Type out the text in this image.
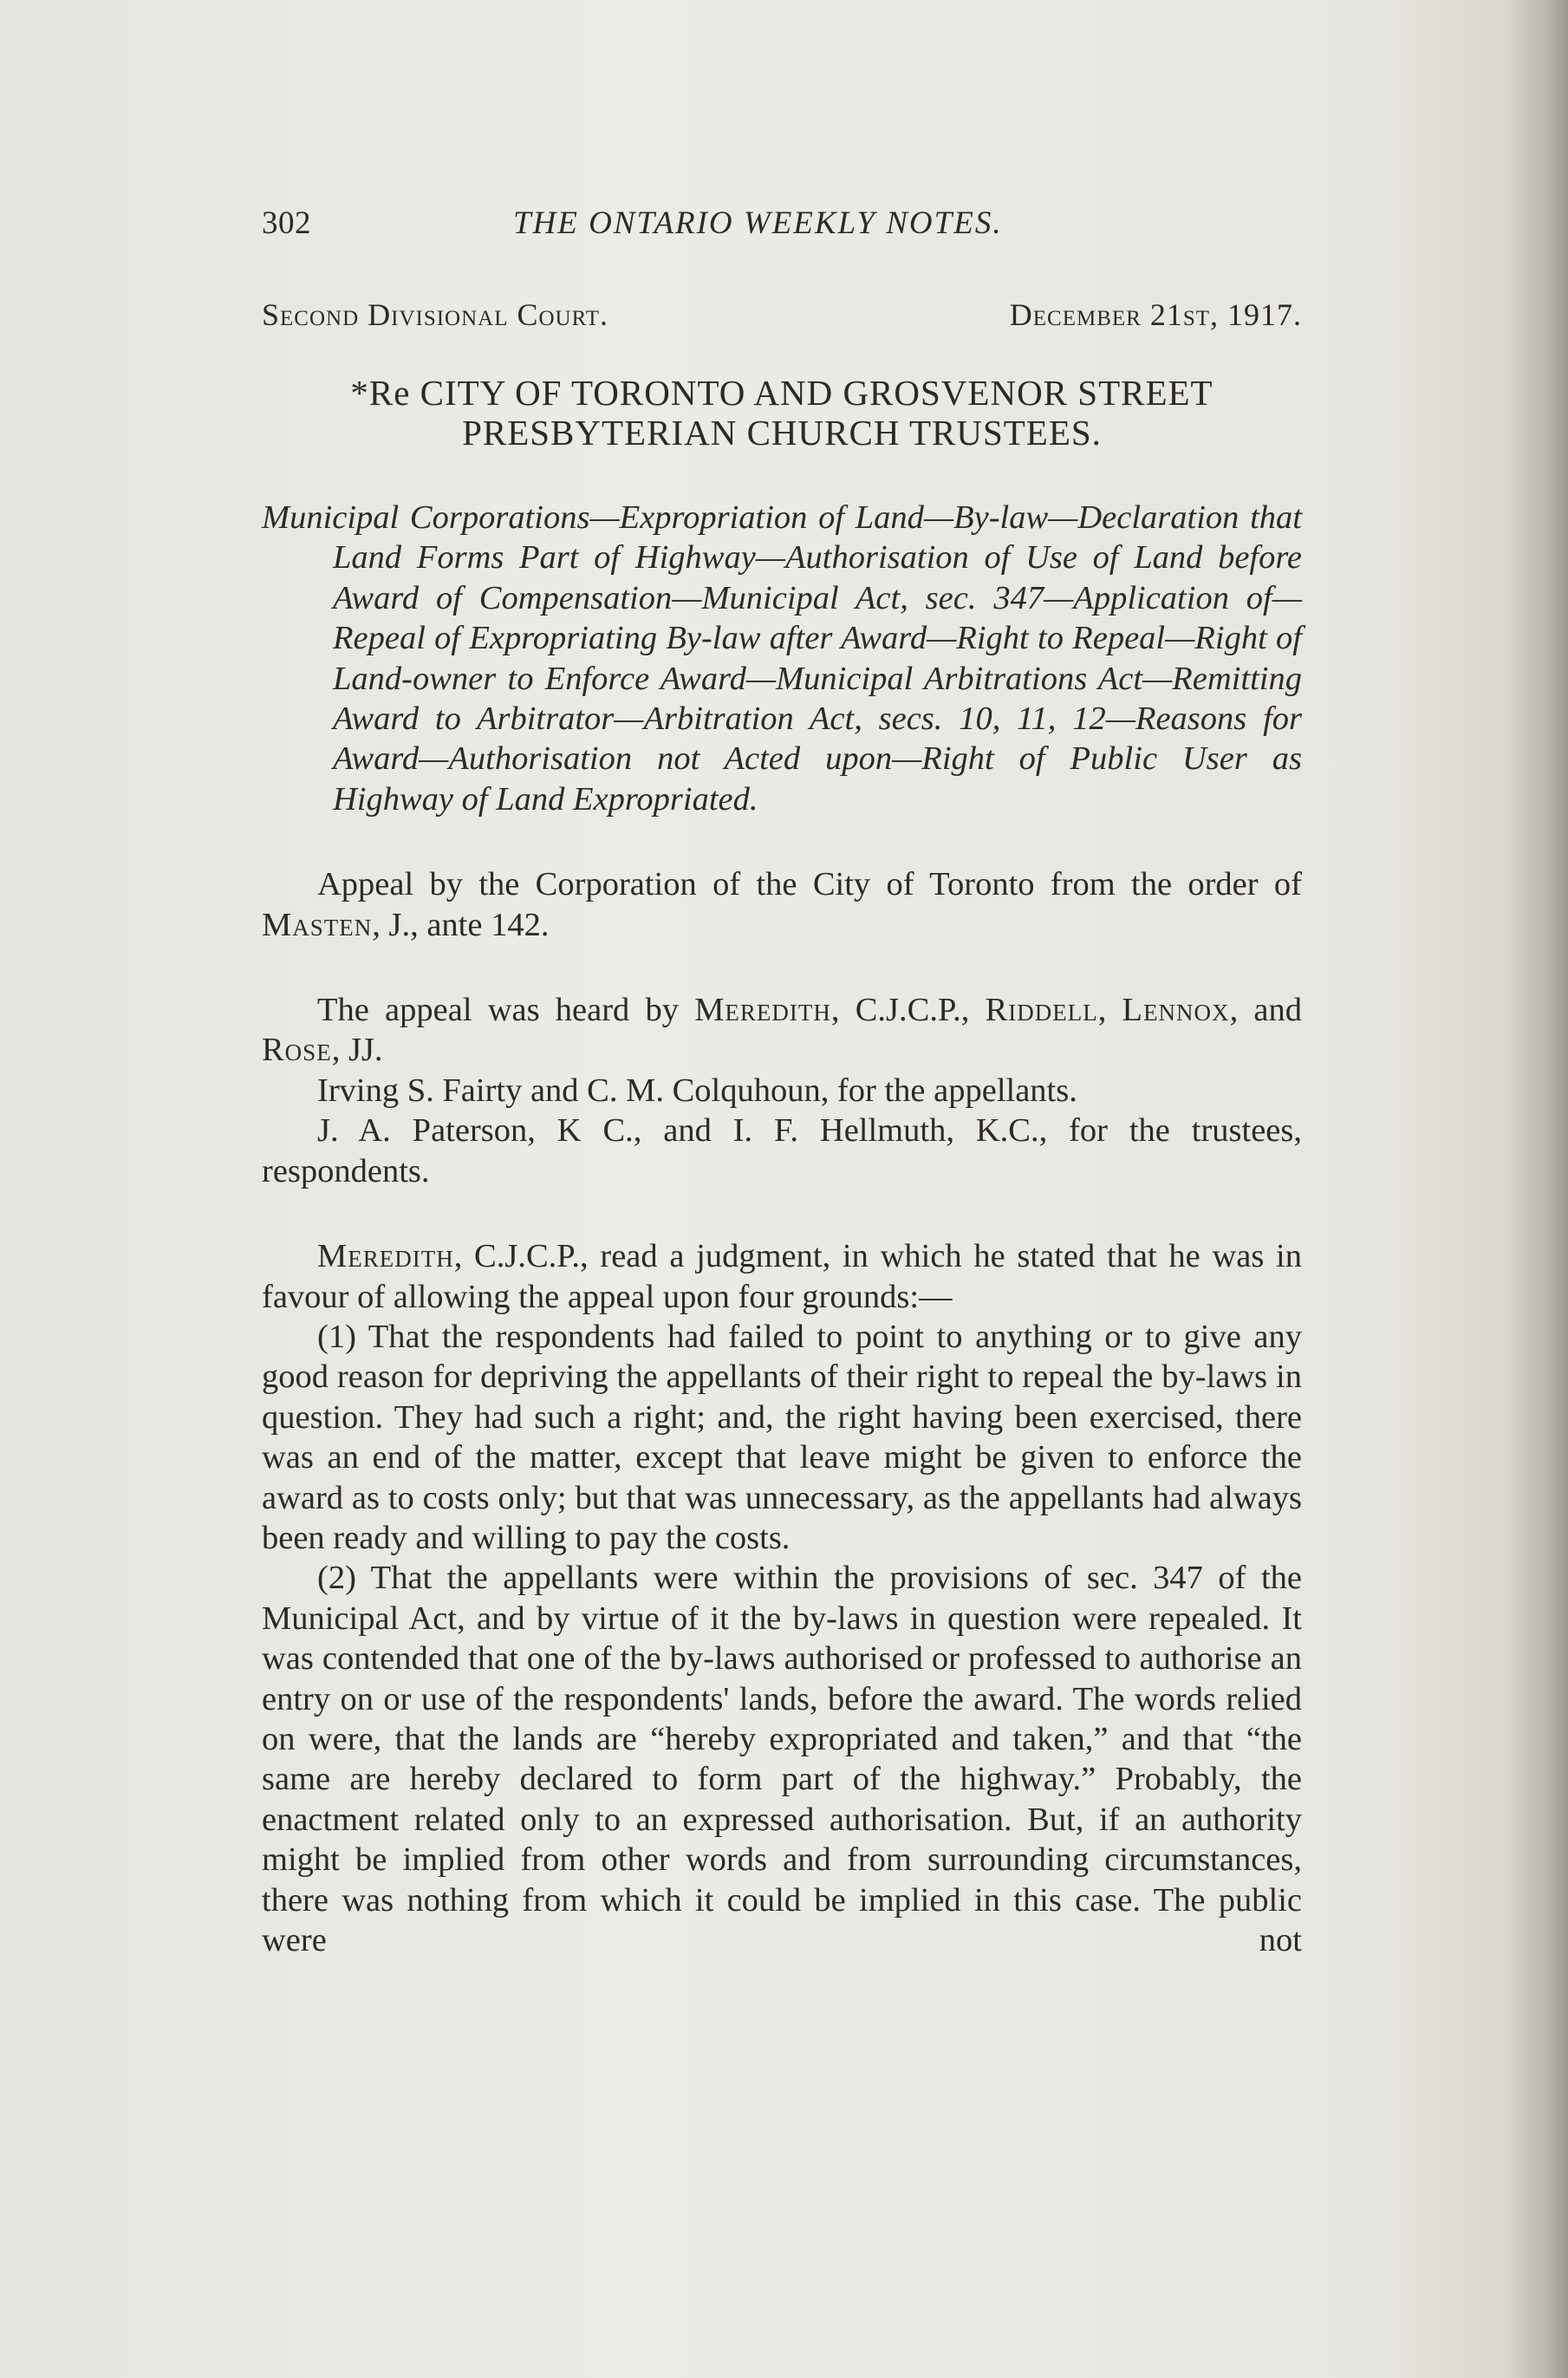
302	THE ONTARIO WEEKLY NOTES.
Second Divisional Court.	December 21st, 1917.
*Re CITY OF TORONTO AND GROSVENOR STREET
PRESBYTERIAN CHURCH TRUSTEES.

Municipal Corporations—Expropriation of Land—By-law—Declaration that Land Forms Part of Highway—Authorisation of Use of Land before Award of Compensation—Municipal Act, sec. 347—Application of—Repeal of Expropriating By-law after Award—Right to Repeal—Right of Land-owner to Enforce Award—Municipal Arbitrations Act—Remitting Award to Arbitrator—Arbitration Act, secs. 10, 11, 12—Reasons for Award—Authorisation not Acted upon—Right of Public User as Highway of Land Expropriated.

Appeal by the Corporation of the City of Toronto from the order of Masten, J., ante 142.

The appeal was heard by Meredith, C.J.C.P., Riddell, Lennox, and Rose, JJ.

Irving S. Fairty and C. M. Colquhoun, for the appellants.

J. A. Paterson, K C., and I. F. Hellmuth, K.C., for the trustees, respondents.

Meredith, C.J.C.P., read a judgment, in which he stated that he was in favour of allowing the appeal upon four grounds:—

(1) That the respondents had failed to point to anything or to give any good reason for depriving the appellants of their right to repeal the by-laws in question. They had such a right; and, the right having been exercised, there was an end of the matter, except that leave might be given to enforce the award as to costs only; but that was unnecessary, as the appellants had always been ready and willing to pay the costs.

(2) That the appellants were within the provisions of sec. 347 of the Municipal Act, and by virtue of it the by-laws in question were repealed. It was contended that one of the by-laws authorised or professed to authorise an entry on or use of the respondents' lands, before the award. The words relied on were, that the lands are “hereby expropriated and taken,” and that “the same are hereby declared to form part of the highway.” Probably, the enactment related only to an expressed authorisation. But, if an authority might be implied from other words and from surrounding circumstances, there was nothing from which it could be implied in this case. The public were not
